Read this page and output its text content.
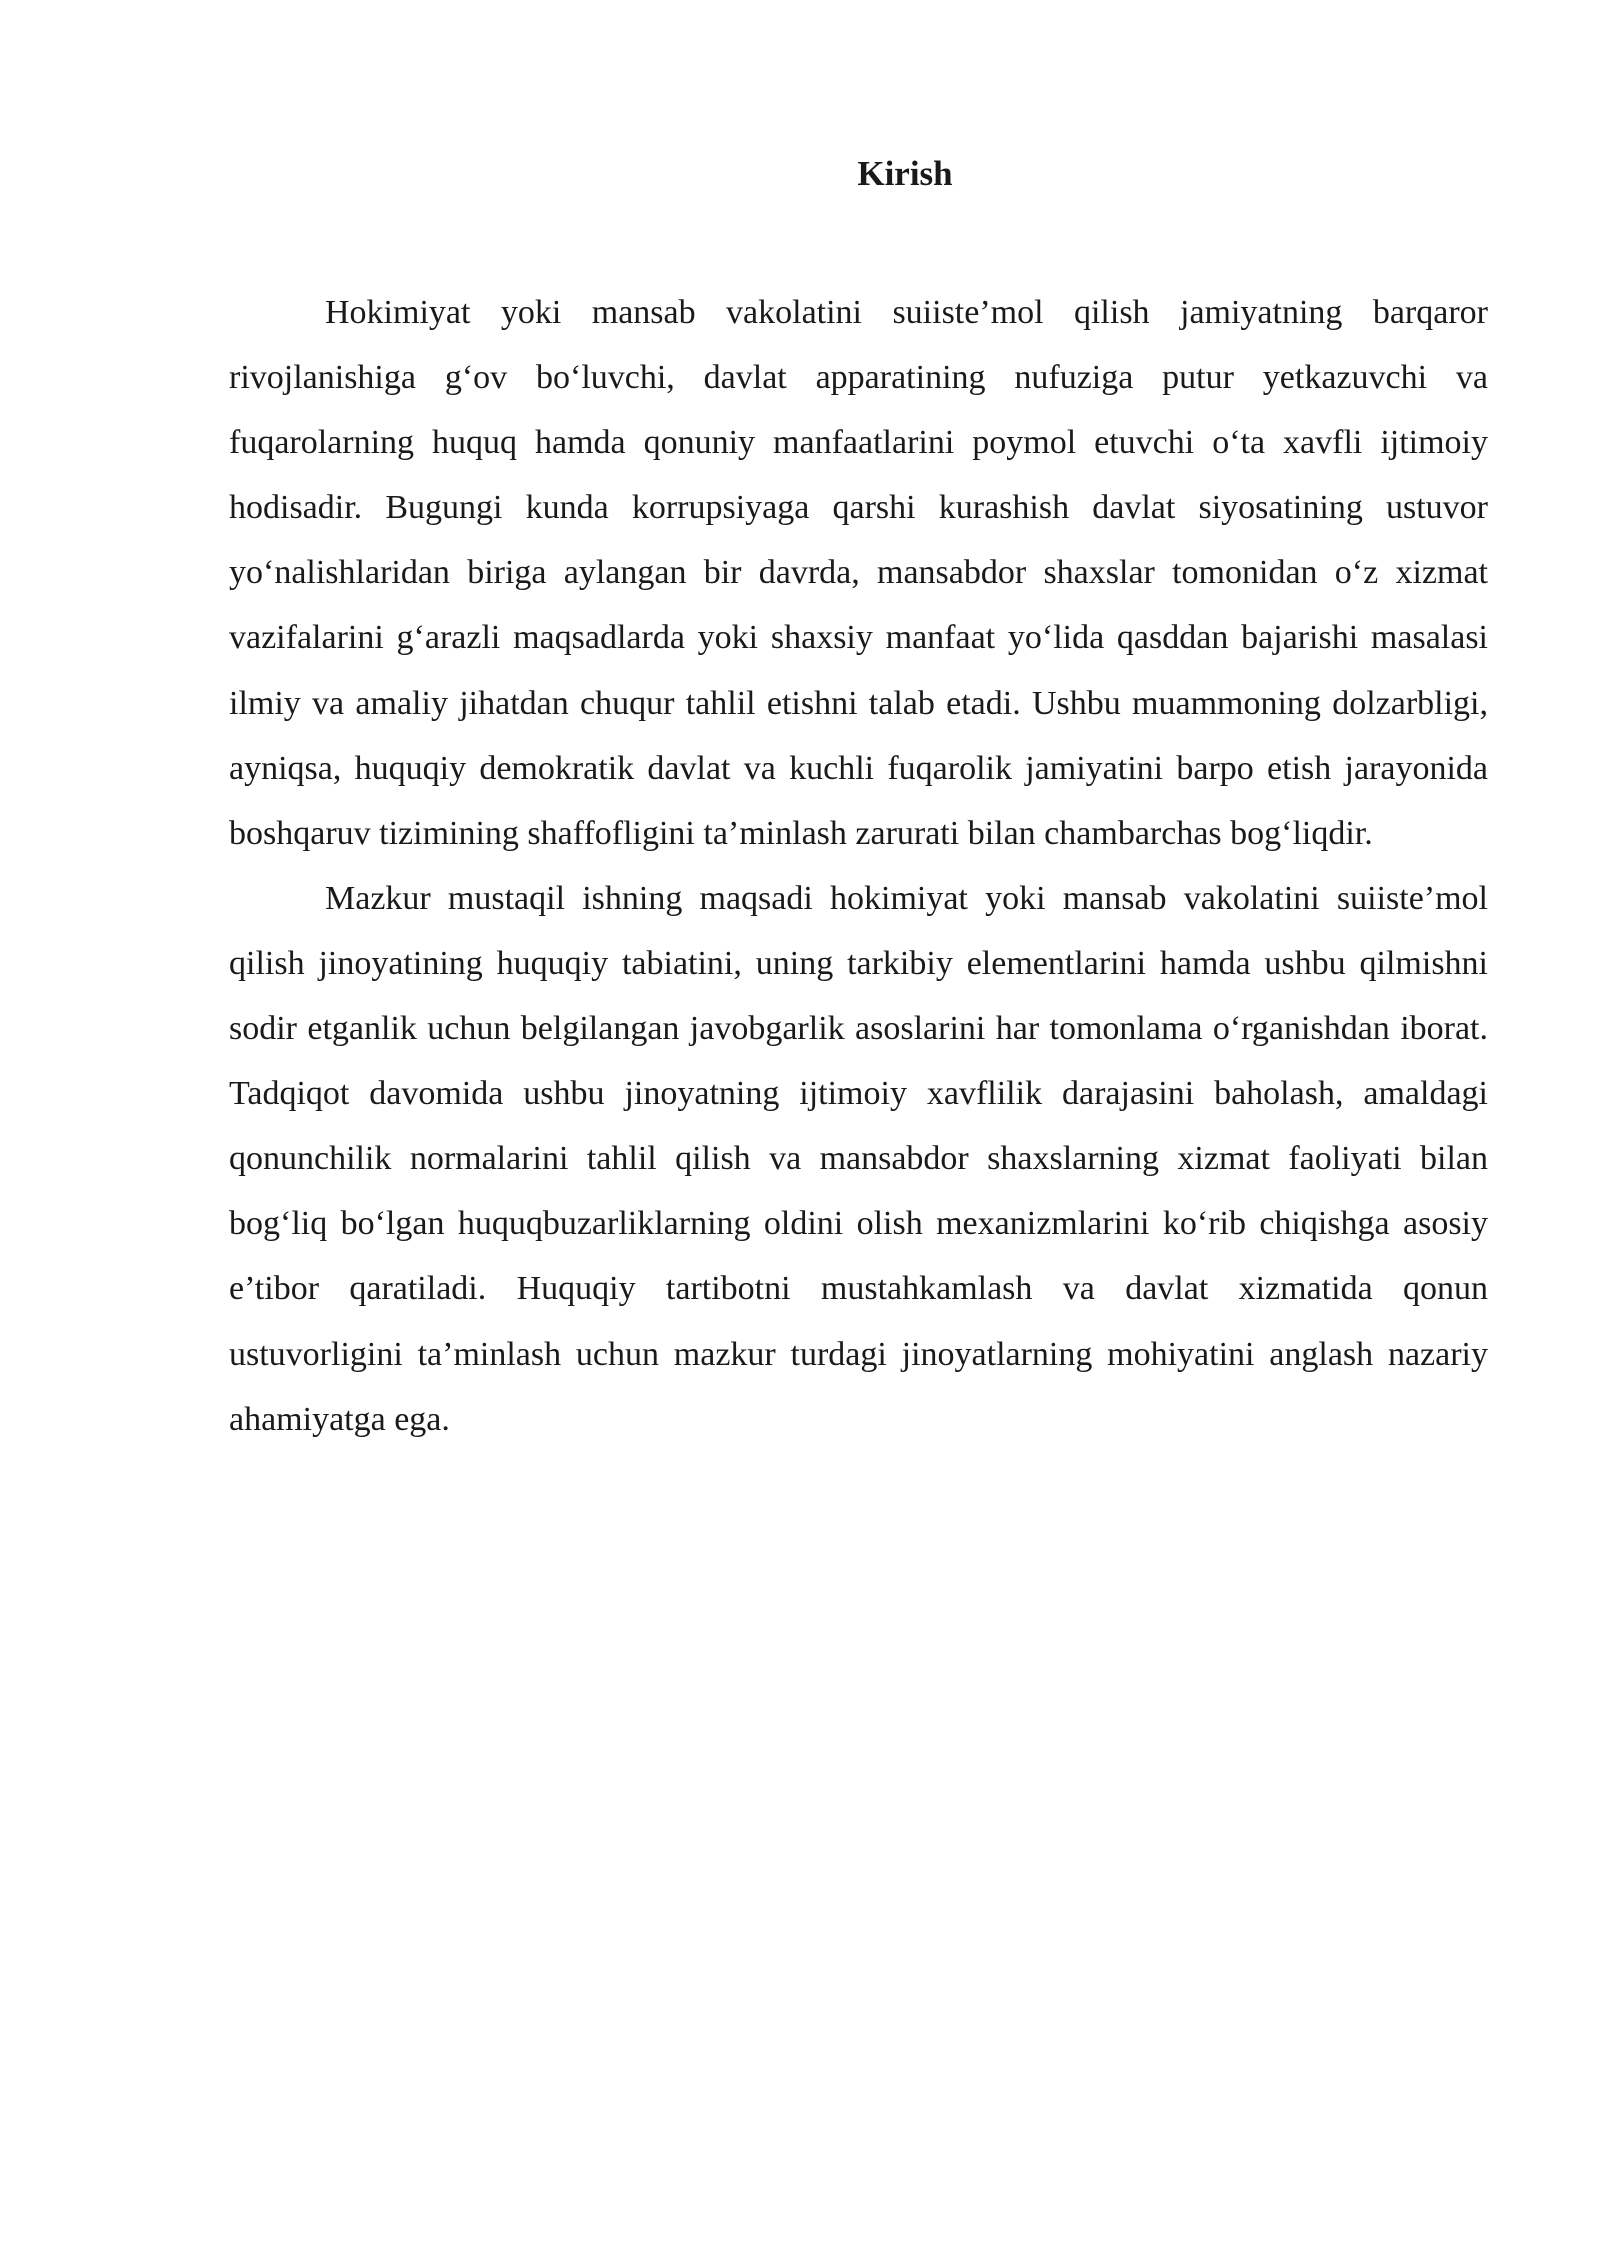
Kirish

Hokimiyat yoki mansab vakolatini suiiste’mol qilish jamiyatning barqaror rivojlanishiga g‘ov bo‘luvchi, davlat apparatining nufuziga putur yetkazuvchi va fuqarolarning huquq hamda qonuniy manfaatlarini poymol etuvchi o‘ta xavfli ijtimoiy hodisadir. Bugungi kunda korrupsiyaga qarshi kurashish davlat siyosatining ustuvor yo‘nalishlaridan biriga aylangan bir davrda, mansabdor shaxslar tomonidan o‘z xizmat vazifalarini g‘arazli maqsadlarda yoki shaxsiy manfaat yo‘lida qasddan bajarishi masalasi ilmiy va amaliy jihatdan chuqur tahlil etishni talab etadi. Ushbu muammoning dolzarbligi, ayniqsa, huquqiy demokratik davlat va kuchli fuqarolik jamiyatini barpo etish jarayonida boshqaruv tizimining shaffofligini ta’minlash zarurati bilan chambarchas bog‘liqdir.

Mazkur mustaqil ishning maqsadi hokimiyat yoki mansab vakolatini suiiste’mol qilish jinoyatining huquqiy tabiatini, uning tarkibiy elementlarini hamda ushbu qilmishni sodir etganlik uchun belgilangan javobgarlik asoslarini har tomonlama o‘rganishdan iborat. Tadqiqot davomida ushbu jinoyatning ijtimoiy xavflilik darajasini baholash, amaldagi qonunchilik normalarini tahlil qilish va mansabdor shaxslarning xizmat faoliyati bilan bog‘liq bo‘lgan huquqbuzarliklarning oldini olish mexanizmlarini ko‘rib chiqishga asosiy e’tibor qaratiladi. Huquqiy tartibotni mustahkamlash va davlat xizmatida qonun ustuvorligini ta’minlash uchun mazkur turdagi jinoyatlarning mohiyatini anglash nazariy ahamiyatga ega.
